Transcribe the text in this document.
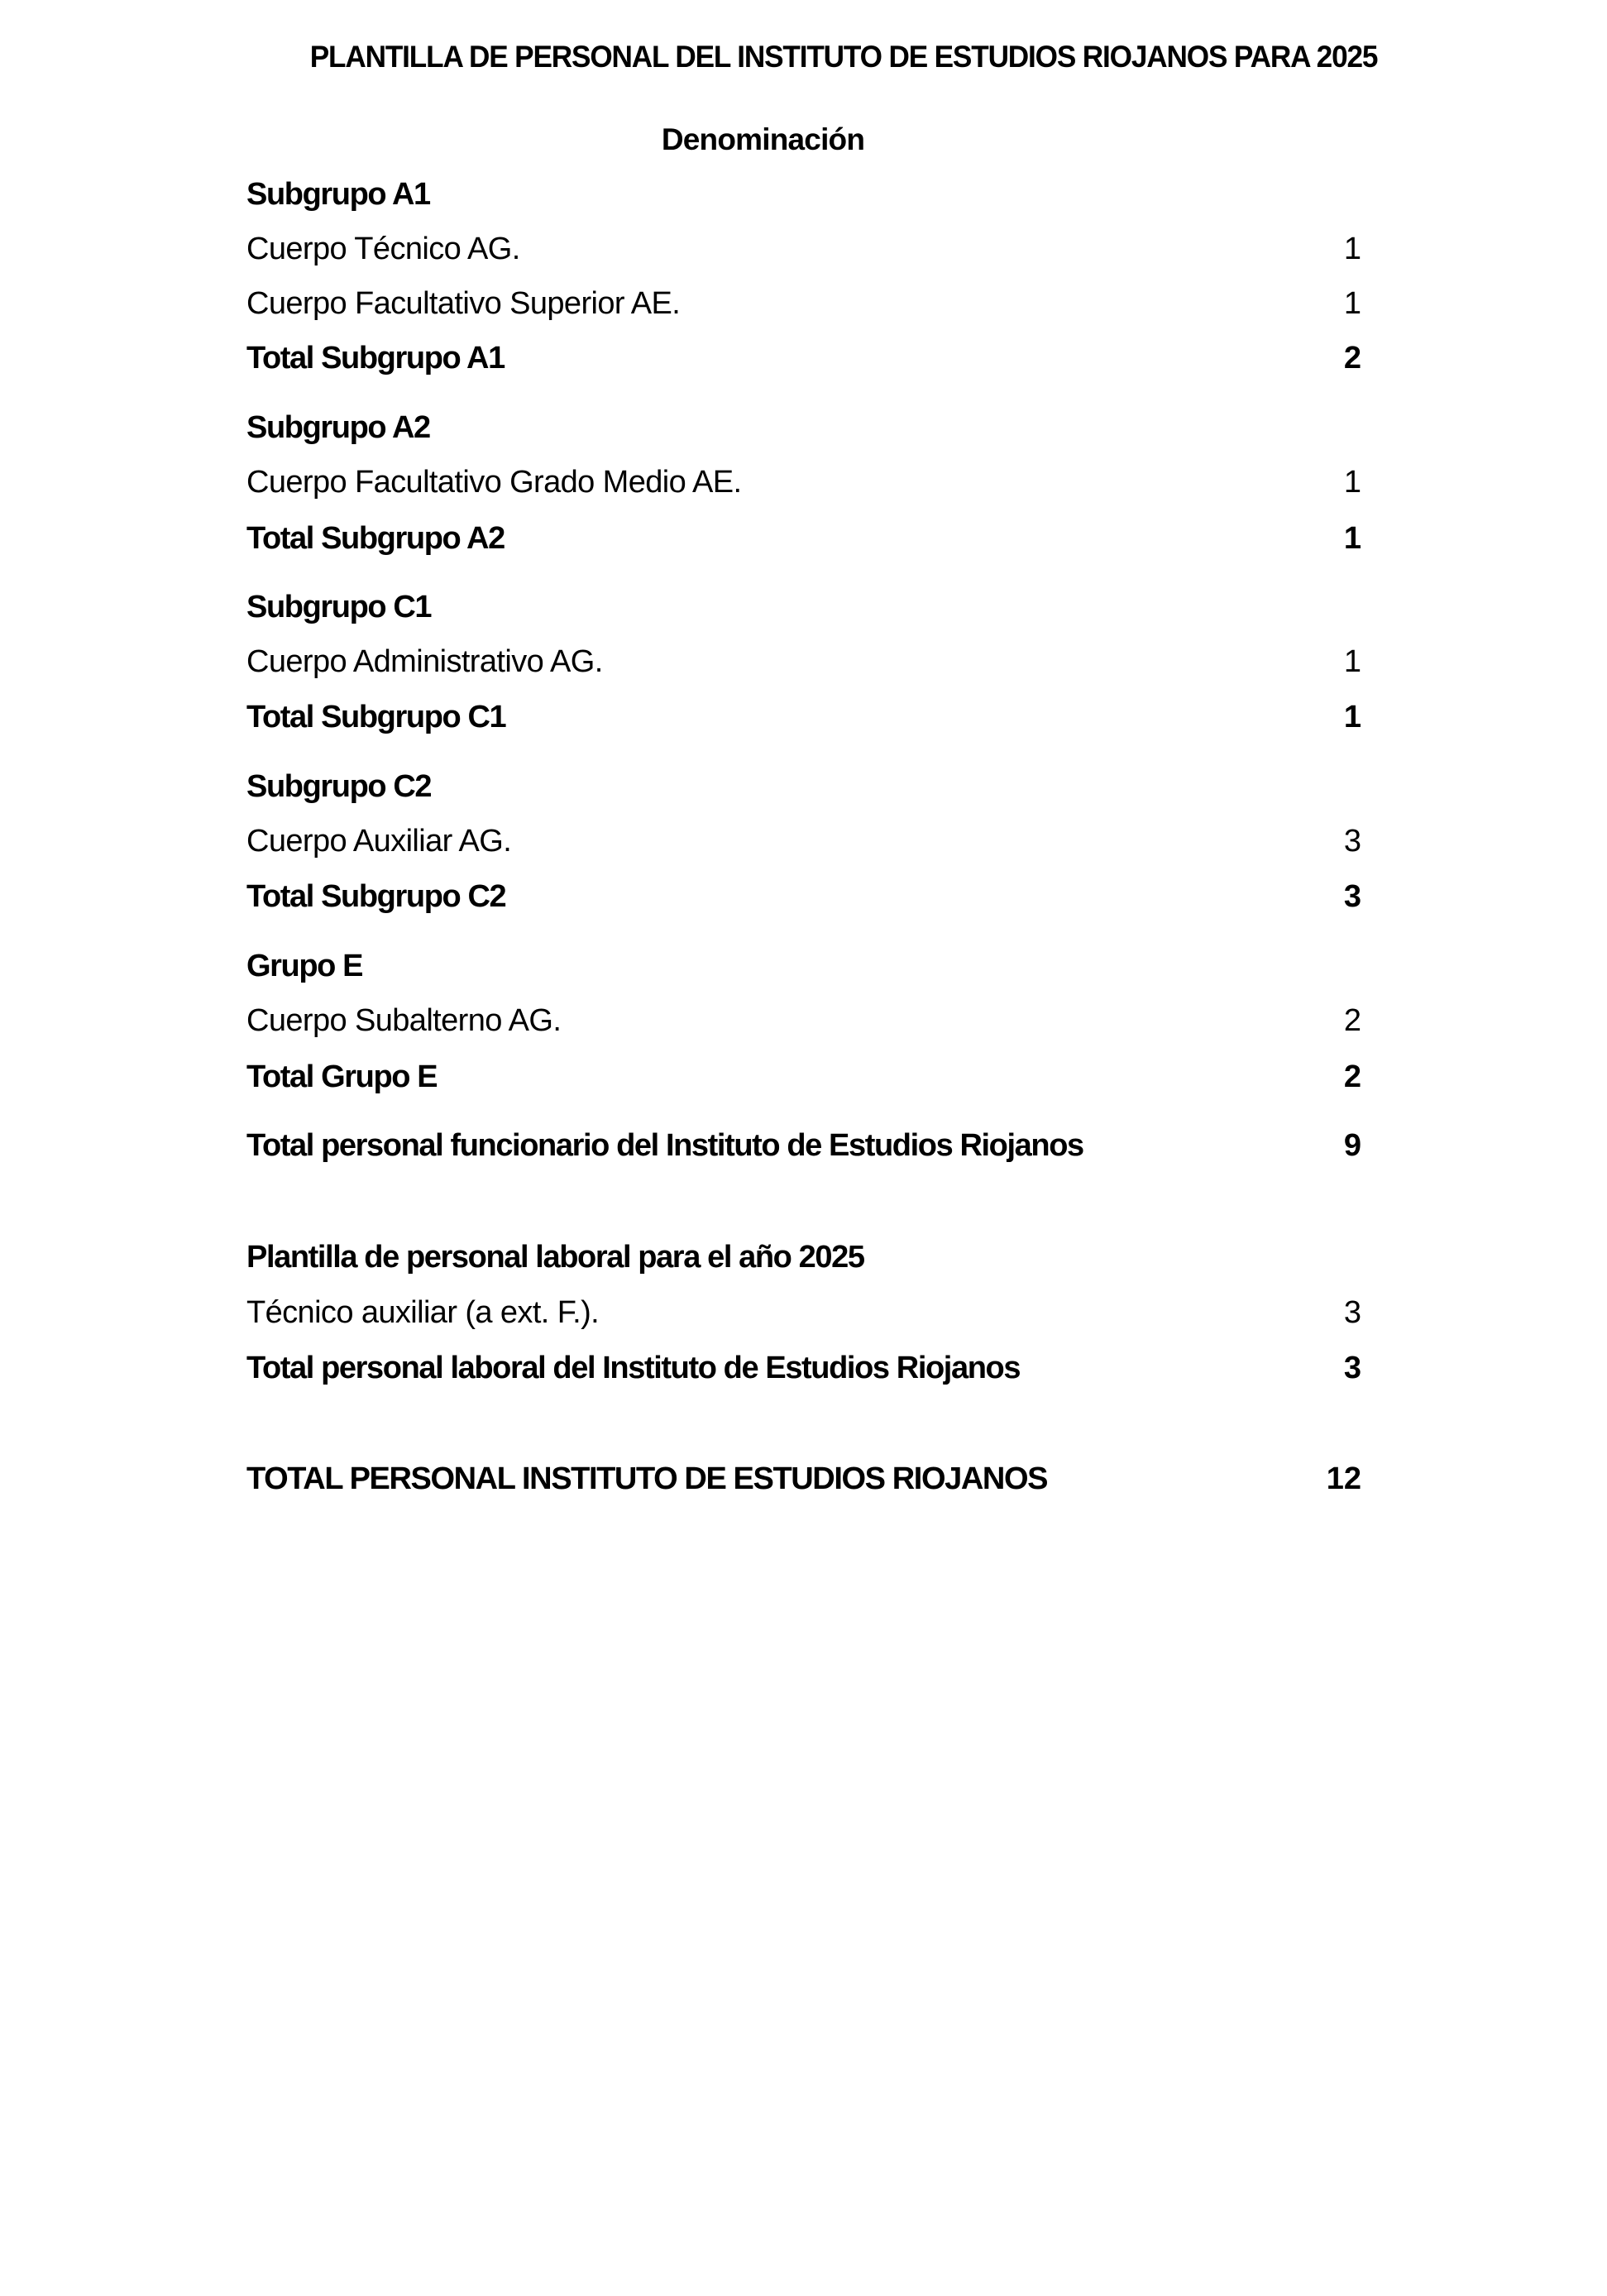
PLANTILLA DE PERSONAL DEL INSTITUTO DE ESTUDIOS RIOJANOS PARA 2025
Denominación
Subgrupo A1
Cuerpo Técnico AG.	1
Cuerpo Facultativo Superior AE.	1
Total Subgrupo A1	2
Subgrupo A2
Cuerpo Facultativo Grado Medio AE.	1
Total Subgrupo A2	1
Subgrupo C1
Cuerpo Administrativo AG.	1
Total Subgrupo C1	1
Subgrupo C2
Cuerpo Auxiliar AG.	3
Total Subgrupo C2	3
Grupo E
Cuerpo Subalterno AG.	2
Total Grupo E	2
Total personal funcionario del Instituto de Estudios Riojanos	9
Plantilla de personal laboral para el año 2025
Técnico auxiliar (a ext. F.).	3
Total personal laboral del Instituto de Estudios Riojanos	3
TOTAL PERSONAL INSTITUTO DE ESTUDIOS RIOJANOS	12
